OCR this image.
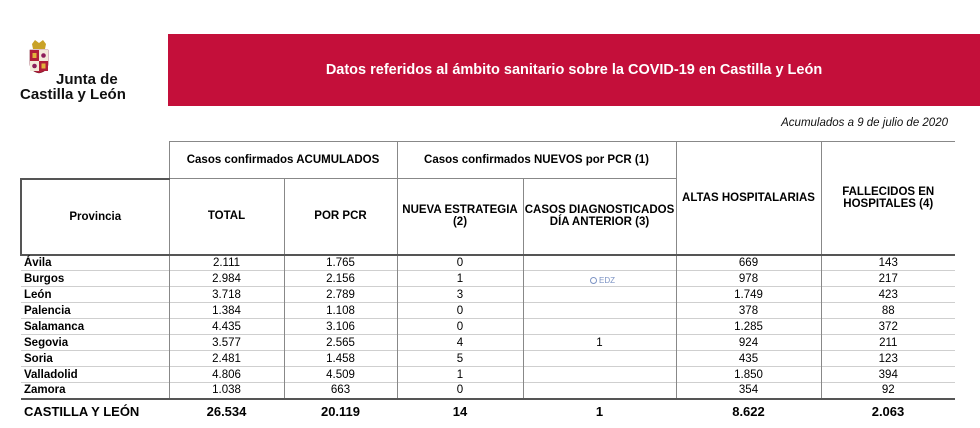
Junta de
Castilla y León
Datos referidos al ámbito sanitario sobre la COVID-19 en Castilla y León
Acumulados a 9 de julio de 2020
	Casos confirmados ACUMULADOS		Casos confirmados NUEVOS por PCR (1)		ALTAS HOSPITALARIAS	FALLECIDOS EN HOSPITALES (4)
Provincia	TOTAL	POR PCR	NUEVA ESTRATEGIA (2)	CASOS DIAGNOSTICADOS DÍA ANTERIOR (3)		
Ávila	2.111	1.765	0		669	143
Burgos	2.984	2.156	1		978	217
León	3.718	2.789	3		1.749	423
Palencia	1.384	1.108	0		378	88
Salamanca	4.435	3.106	0		1.285	372
Segovia	3.577	2.565	4	1	924	211
Soria	2.481	1.458	5		435	123
Valladolid	4.806	4.509	1		1.850	394
Zamora	1.038	663	0		354	92
CASTILLA Y LEÓN	26.534	20.119	14	1	8.622	2.063
EDZ
